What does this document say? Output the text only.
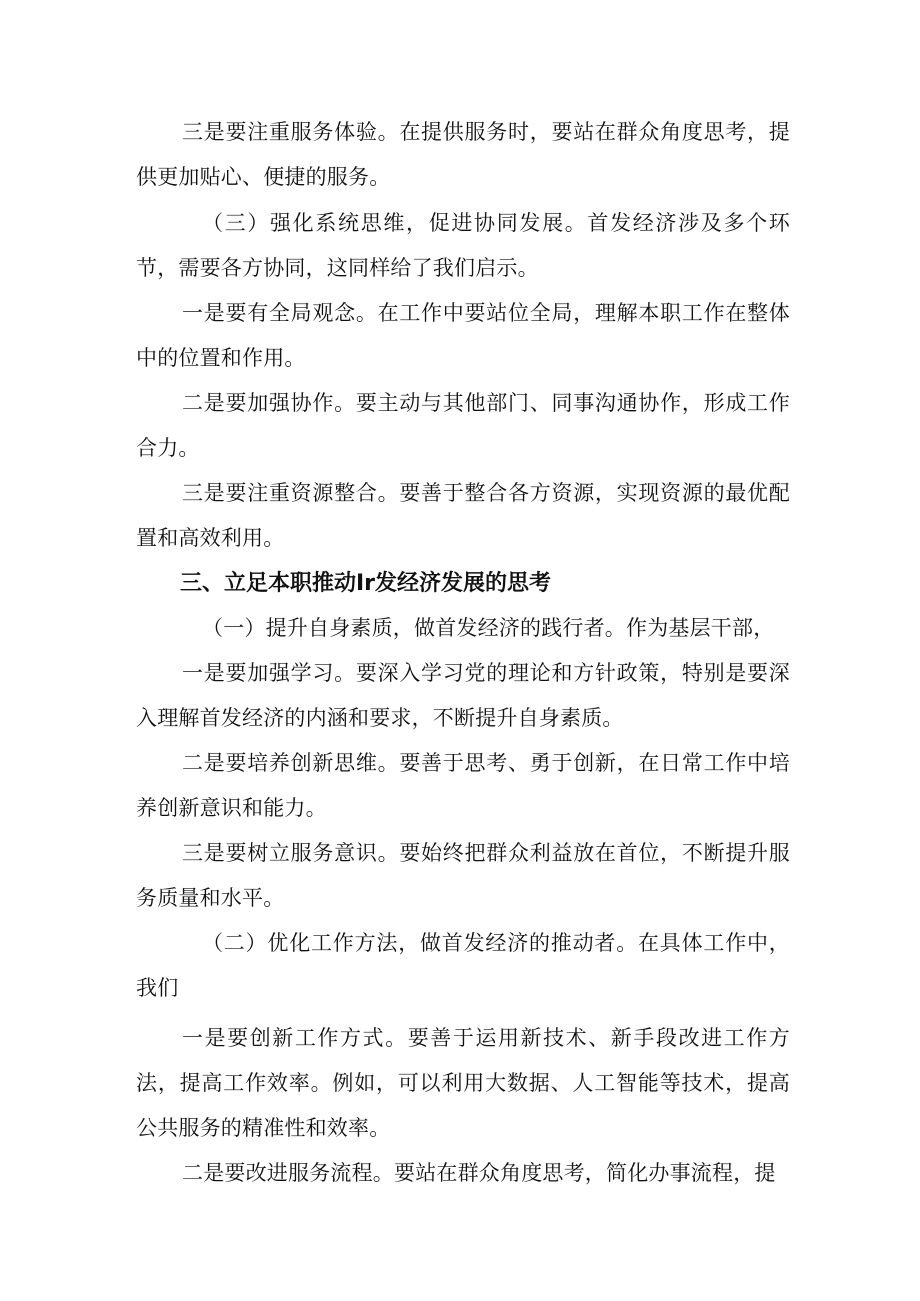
三是要注重服务体验。在提供服务时，要站在群众角度思考，提供更加贴心、便捷的服务。

（三）强化系统思维，促进协同发展。首发经济涉及多个环节，需要各方协同，这同样给了我们启示。

一是要有全局观念。在工作中要站位全局，理解本职工作在整体中的位置和作用。

二是要加强协作。要主动与其他部门、同事沟通协作，形成工作合力。

三是要注重资源整合。要善于整合各方资源，实现资源的最优配置和高效利用。

三、立足本职推动Ir发经济发展的思考

（一）提升自身素质，做首发经济的践行者。作为基层干部，

一是要加强学习。要深入学习党的理论和方针政策，特别是要深入理解首发经济的内涵和要求，不断提升自身素质。

二是要培养创新思维。要善于思考、勇于创新，在日常工作中培养创新意识和能力。

三是要树立服务意识。要始终把群众利益放在首位，不断提升服务质量和水平。

（二）优化工作方法，做首发经济的推动者。在具体工作中，我们

一是要创新工作方式。要善于运用新技术、新手段改进工作方法，提高工作效率。例如，可以利用大数据、人工智能等技术，提高公共服务的精准性和效率。

二是要改进服务流程。要站在群众角度思考，简化办事流程，提
